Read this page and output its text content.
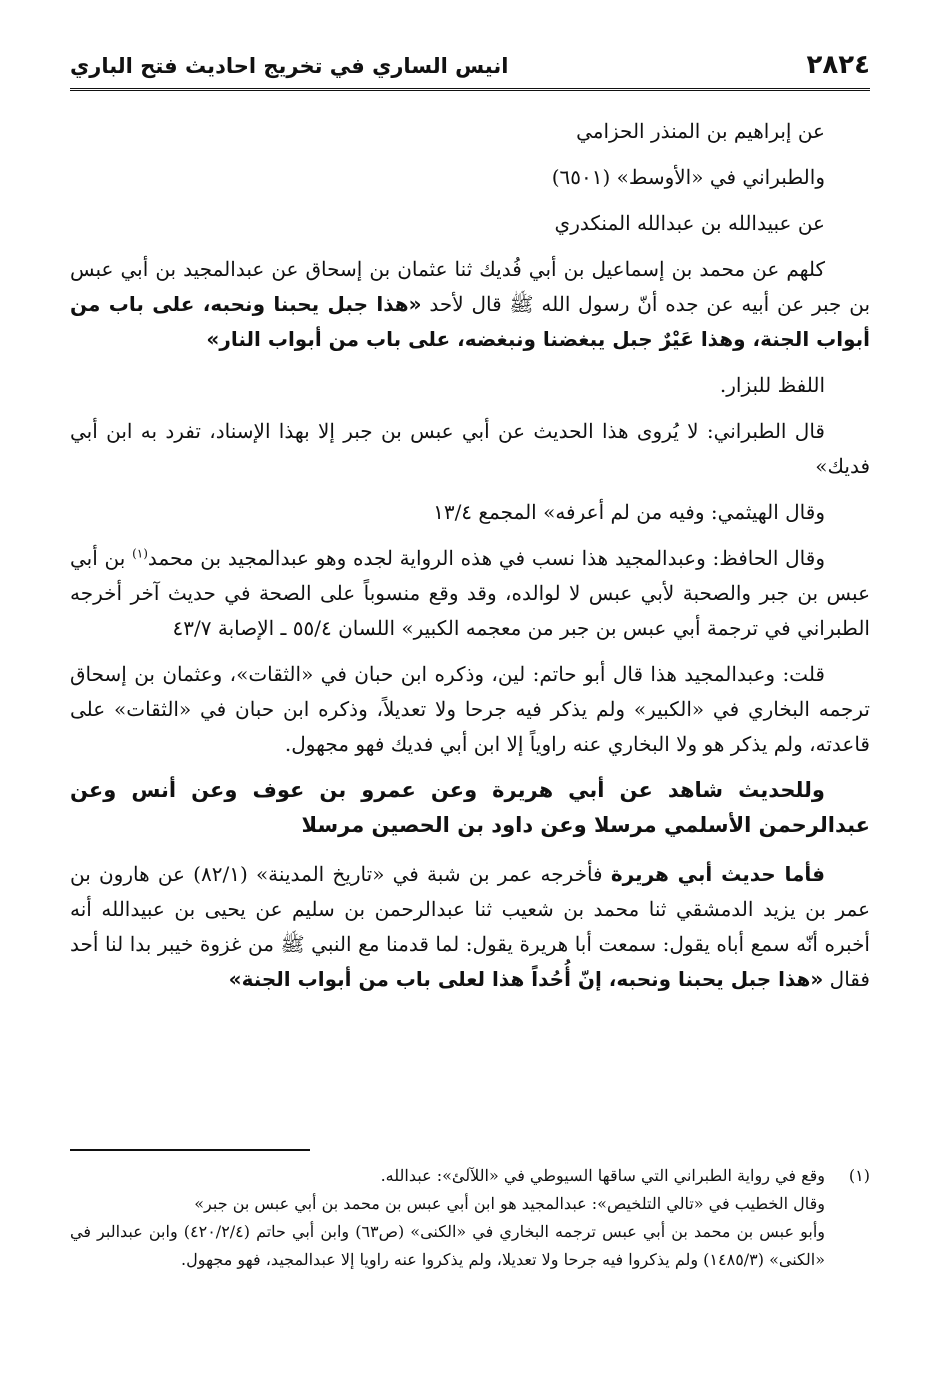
٢٨٢٤
انيس الساري في تخريج احاديث فتح الباري

عن إبراهيم بن المنذر الحزامي

والطبراني في «الأوسط» (٦٥٠١)

عن عبيدالله بن عبدالله المنكدري

كلهم عن محمد بن إسماعيل بن أبي فُديك ثنا عثمان بن إسحاق عن عبدالمجيد بن أبي عبس بن جبر عن أبيه عن جده أنّ رسول الله ﷺ قال لأحد «هذا جبل يحبنا ونحبه، على باب من أبواب الجنة، وهذا عَيْرٌ جبل يبغضنا ونبغضه، على باب من أبواب النار»

اللفظ للبزار.

قال الطبراني: لا يُروى هذا الحديث عن أبي عبس بن جبر إلا بهذا الإسناد، تفرد به ابن أبي فديك»

وقال الهيثمي: وفيه من لم أعرفه» المجمع ١٣/٤

وقال الحافظ: وعبدالمجيد هذا نسب في هذه الرواية لجده وهو عبدالمجيد بن محمد$^{(١)}$ بن أبي عبس بن جبر والصحبة لأبي عبس لا لوالده، وقد وقع منسوباً على الصحة في حديث آخر أخرجه الطبراني في ترجمة أبي عبس بن جبر من معجمه الكبير» اللسان ٥٥/٤ ـ الإصابة ٤٣/٧

قلت: وعبدالمجيد هذا قال أبو حاتم: لين، وذكره ابن حبان في «الثقات»، وعثمان بن إسحاق ترجمه البخاري في «الكبير» ولم يذكر فيه جرحا ولا تعديلاً، وذكره ابن حبان في «الثقات» على قاعدته، ولم يذكر هو ولا البخاري عنه راوياً إلا ابن أبي فديك فهو مجهول.

وللحديث شاهد عن أبي هريرة وعن عمرو بن عوف وعن أنس وعن عبدالرحمن الأسلمي مرسلا وعن داود بن الحصين مرسلا

فأما حديث أبي هريرة فأخرجه عمر بن شبة في «تاريخ المدينة» (٨٢/١) عن هارون بن عمر بن يزيد الدمشقي ثنا محمد بن شعيب ثنا عبدالرحمن بن سليم عن يحيى بن عبيدالله أنه أخبره أنّه سمع أباه يقول: سمعت أبا هريرة يقول: لما قدمنا مع النبي ﷺ من غزوة خيبر بدا لنا أحد فقال «هذا جبل يحبنا ونحبه، إنّ أُحُداً هذا لعلى باب من أبواب الجنة»

(١)
وقع في رواية الطبراني التي ساقها السيوطي في «اللآلئ»: عبدالله.
وقال الخطيب في «تالي التلخيص»: عبدالمجيد هو ابن أبي عبس بن محمد بن أبي عبس بن جبر»
وأبو عبس بن محمد بن أبي عبس ترجمه البخاري في «الكنى» (ص٦٣) وابن أبي حاتم (٤٢٠/٢/٤) وابن عبدالبر في «الكنى» (١٤٨٥/٣) ولم يذكروا فيه جرحا ولا تعديلا، ولم يذكروا عنه راويا إلا عبدالمجيد، فهو مجهول.
